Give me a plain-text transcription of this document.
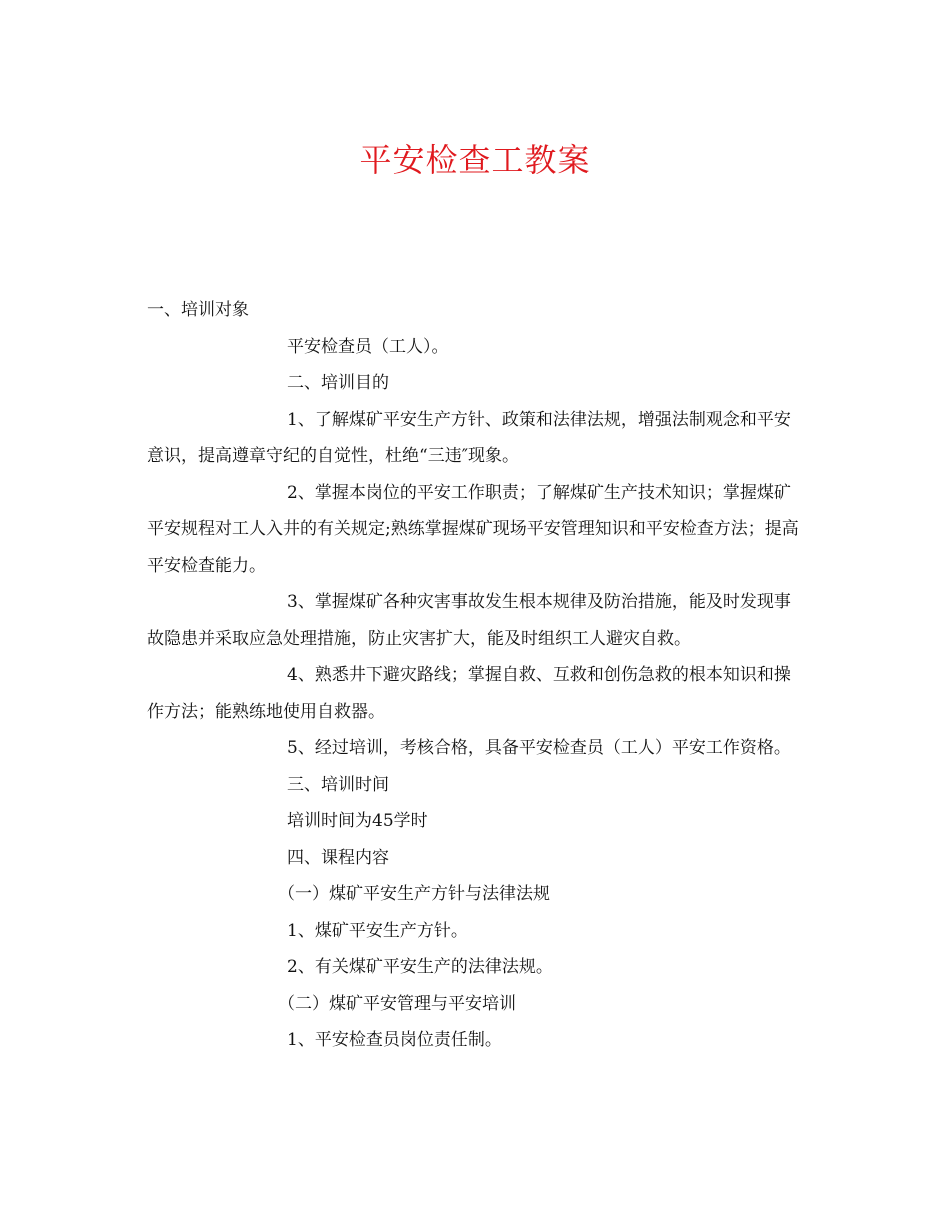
平安检查工教案

一、培训对象

平安检查员（工人）。

二、培训目的

1、了解煤矿平安生产方针、政策和法律法规，增强法制观念和平安意识，提高遵章守纪的自觉性，杜绝“三违″现象。

2、掌握本岗位的平安工作职责；了解煤矿生产技术知识；掌握煤矿平安规程对工人入井的有关规定;熟练掌握煤矿现场平安管理知识和平安检查方法；提高平安检查能力。

3、掌握煤矿各种灾害事故发生根本规律及防治措施，能及时发现事故隐患并采取应急处理措施，防止灾害扩大，能及时组织工人避灾自救。

4、熟悉井下避灾路线；掌握自救、互救和创伤急救的根本知识和操作方法；能熟练地使用自救器。

5、经过培训，考核合格，具备平安检查员（工人）平安工作资格。

三、培训时间

培训时间为45学时

四、课程内容

（一）煤矿平安生产方针与法律法规

1、煤矿平安生产方针。

2、有关煤矿平安生产的法律法规。

（二）煤矿平安管理与平安培训

1、平安检查员岗位责任制。
